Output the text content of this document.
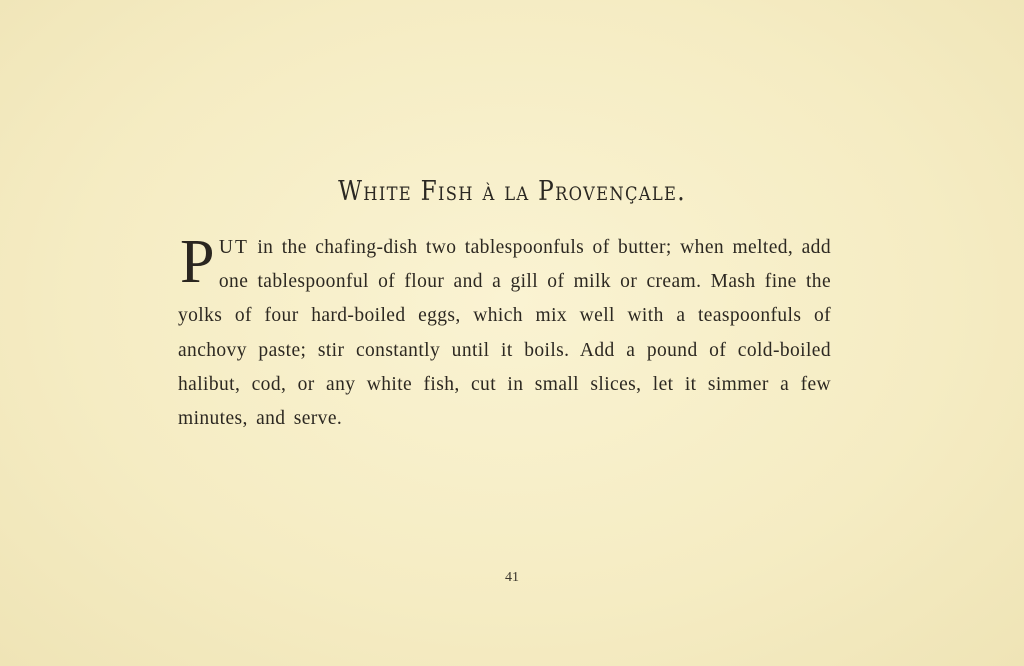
White Fish à la Provençale.
PUT in the chafing-dish two tablespoonfuls of butter; when melted, add one tablespoonful of flour and a gill of milk or cream. Mash fine the yolks of four hard-boiled eggs, which mix well with a teaspoonfuls of anchovy paste; stir constantly until it boils. Add a pound of cold-boiled halibut, cod, or any white fish, cut in small slices, let it simmer a few minutes, and serve.
41
